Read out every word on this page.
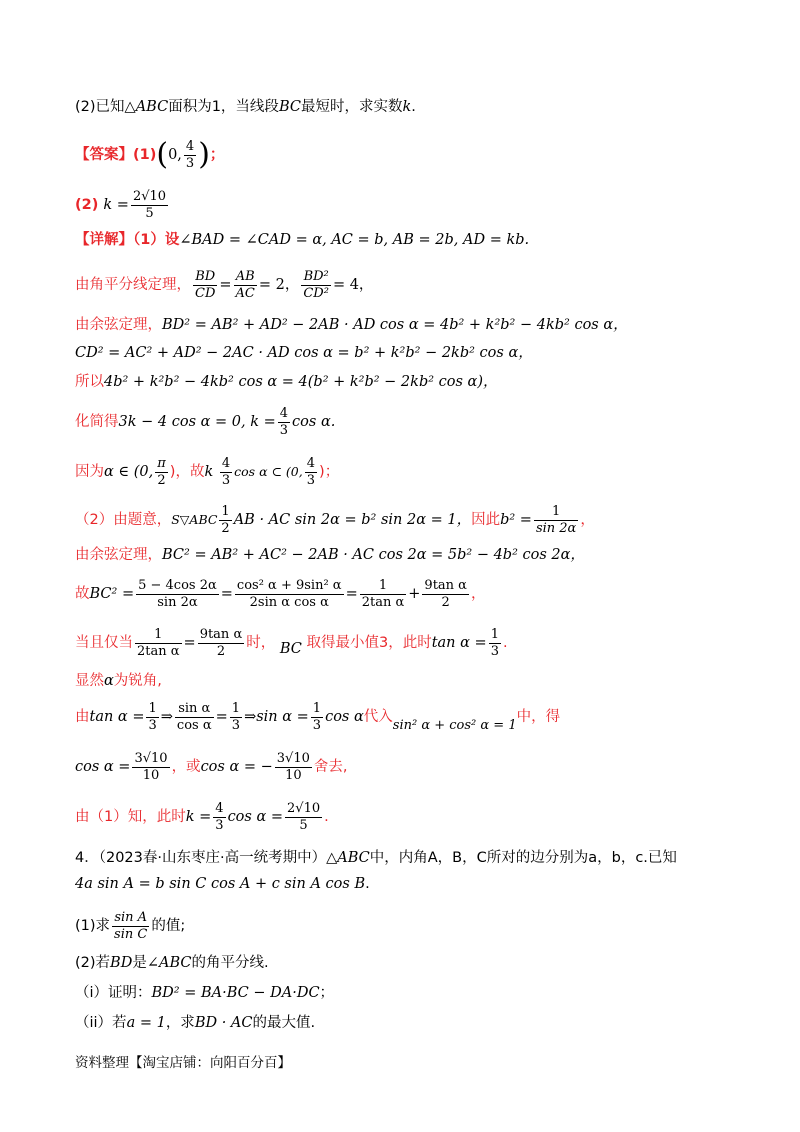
(2)已知△ABC面积为1，当线段BC最短时，求实数k.
【答案】(1)(0, $\frac{4}{3}$ )；
(2) $k = \frac{2√10}{5}$
【详解】（1）设∠BAD = ∠CAD = α, AC = b, AB = 2b, AD = kb.
由角平分线定理， $\frac{BD}{CD} = \frac{AB}{AC} = 2$， $\frac{\text{BD²}}{\text{CD²}} = 4$，
由余弦定理，BD² = AB² + AD² − 2AB · AD cos α = 4b² + k²b² − 4kb² cos α，
CD² = AC² + AD² − 2AC · AD cos α = b² + k²b² − 2kb² cos α，
所以4b² + k²b² − 4kb² cos α = 4(b² + k²b² − 2kb² cos α)，
化简得3k − 4 cos α = 0, $k = \frac{4}{3}$ cos α.
因为α ∈ (0, $\frac{\pi}{2}$ )，故k $\frac{4}{3}$ cos α ⊂ (0, $\frac{4}{3}$ )；
（2）由题意，S▽ABC $\frac{1}{2}$ AB · AC sin 2α = b² sin 2α = 1，因此$b^2 = \frac{1}{\sin 2\alpha}$ ，
由余弦定理，BC² = AB² + AC² − 2AB · AC cos 2α = 5b² − 4b² cos 2α，
故$BC^2 = \frac{5 - 4\cos 2\alpha}{\sin 2\alpha} = \frac{\text{cos² α + 9sin² α}}{\text{2sin α cos α}} = \frac{1}{\text{2tan α}} + \frac{\text{9tan α}}{2}$ ，
当且仅当 $\frac{1}{\text{2tan α}} = \frac{\text{9tan α}}{2}$ 时， BC 取得最小值3，此时$\tan \alpha = \frac{1}{3}$ .
显然α为锐角,
由$\tan \alpha = \frac{1}{3}$ ⇒ $\frac{\text{sin α}}{\text{cos α}} = \frac{1}{3}$ ⇒sin $\alpha = \frac{1}{3}$ cos α代入sin² α + cos² α = 1中，得
$\cos \alpha = \frac{3√10}{10}$ ，或cos α = − $\frac{3√10}{10}$ 舍去,
由（1）知，此时$k = \frac{4}{3}$ $\cos \alpha = \frac{2√10}{5}$ .
4．（2023春·山东枣庄·高一统考期中）△ABC中，内角A，B，C所对的边分别为a，b，c.已知
4a sin A = b sin C cos A + c sin A cos B.
(1)求 $\frac{\text{sin A}}{\text{sin C}}$ 的值;
(2)若BD是∠ABC的角平分线.
（i）证明：BD² = BA·BC − DA·DC；
（ii）若a = 1，求BD · AC的最大值.
资料整理【淘宝店铺：向阳百分百】
